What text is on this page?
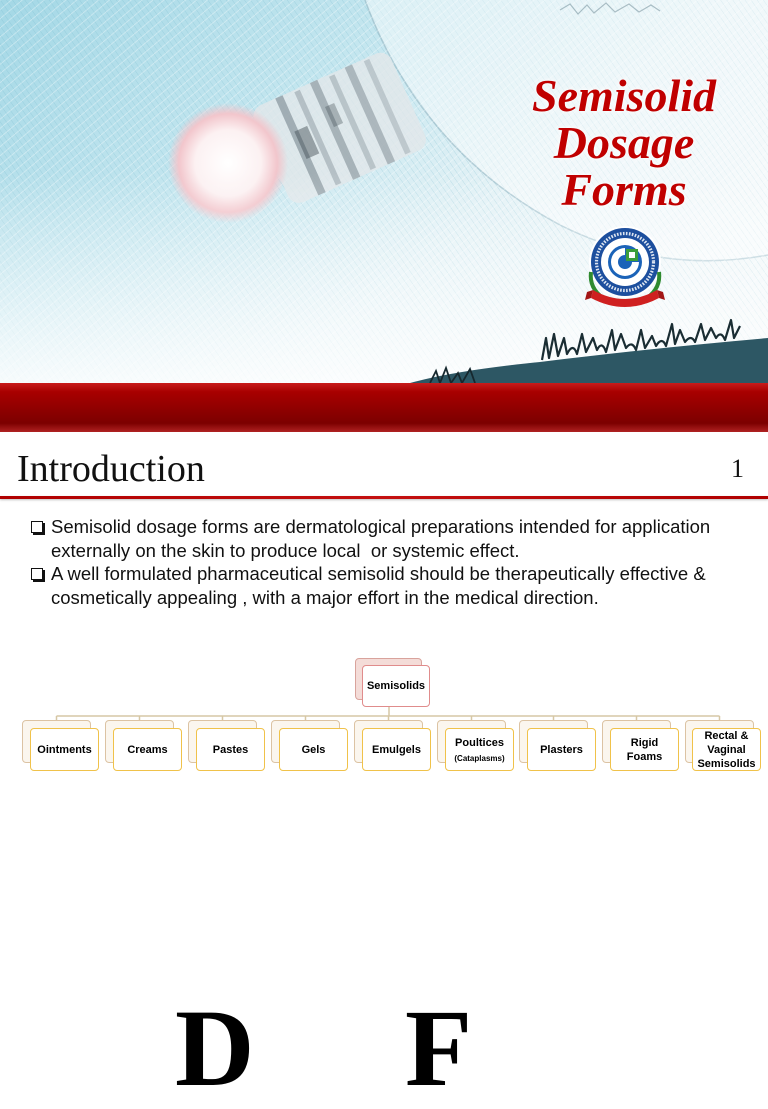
Semisolid Dosage Forms
Introduction	1
Semisolid dosage forms are dermatological preparations intended for application
externally on the skin to produce local  or systemic effect.
A well formulated pharmaceutical semisolid should be therapeutically effective &
cosmetically appealing , with a major effort in the medical direction.
Semisolids
Ointments	Creams	Pastes	Gels	Emulgels
Poultices
(Cataplasms)
Plasters
Rigid
Foams
Rectal &
Vaginal
Semisolids
D F
